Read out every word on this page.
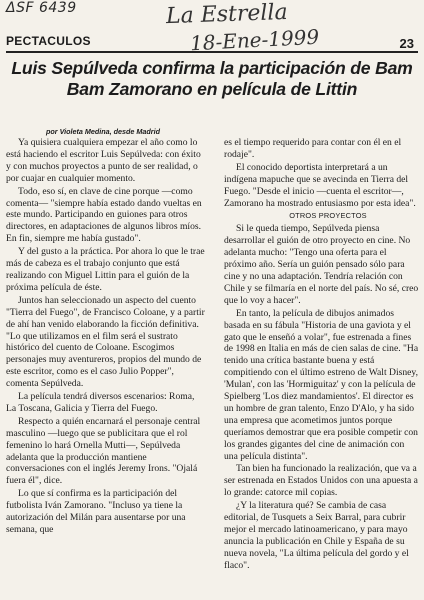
ΔSF 6439	La Estrella
18-Ene-1999
PECTACULOS	23
Luis Sepúlveda confirma la participación de Bam Bam Zamorano en película de Littin
por Violeta Medina, desde Madrid

Ya quisiera cualquiera empezar el año como lo está haciendo el escritor Luis Sepúlveda: con éxito y con muchos proyectos a punto de ser realidad, o por cuajar en cualquier momento.

Todo, eso sí, en clave de cine porque —como comenta— "siempre había estado dando vueltas en este mundo. Participando en guiones para otros directores, en adaptaciones de algunos libros míos. En fin, siempre me había gustado".

Y del gusto a la práctica. Por ahora lo que le trae más de cabeza es el trabajo conjunto que está realizando con Miguel Littin para el guión de la próxima película de éste.

Juntos han seleccionado un aspecto del cuento "Tierra del Fuego", de Francisco Coloane, y a partir de ahí han venido elaborando la ficción definitiva. "Lo que utilizamos en el film será el sustrato histórico del cuento de Coloane. Escogimos personajes muy aventureros, propios del mundo de este escritor, como es el caso Julio Popper", comenta Sepúlveda.

La película tendrá diversos escenarios: Roma, La Toscana, Galicia y Tierra del Fuego.

Respecto a quién encarnará el personaje central masculino —luego que se publicitara que el rol femenino lo hará Ornella Mutti—, Sepúlveda adelanta que la producción mantiene conversaciones con el inglés Jeremy Irons. "Ojalá fuera él", dice.

Lo que sí confirma es la participación del futbolista Iván Zamorano. "Incluso ya tiene la autorización del Milán para ausentarse por una semana, que

es el tiempo requerido para contar con él en el rodaje".

El conocido deportista interpretará a un indígena mapuche que se avecinda en Tierra del Fuego. "Desde el inicio —cuenta el escritor—, Zamorano ha mostrado entusiasmo por esta idea".

OTROS PROYECTOS

Si le queda tiempo, Sepúlveda piensa desarrollar el guión de otro proyecto en cine. No adelanta mucho: "Tengo una oferta para el próximo año. Sería un guión pensado sólo para cine y no una adaptación. Tendría relación con Chile y se filmaría en el norte del país. No sé, creo que lo voy a hacer".

En tanto, la película de dibujos animados basada en su fábula "Historia de una gaviota y el gato que le enseñó a volar", fue estrenada a fines de 1998 en Italia en más de cien salas de cine. "Ha tenido una crítica bastante buena y está compitiendo con el último estreno de Walt Disney, 'Mulan', con las 'Hormiguitaz' y con la película de Spielberg 'Los diez mandamientos'. El director es un hombre de gran talento, Enzo D'Alo, y ha sido una empresa que acometimos juntos porque queríamos demostrar que era posible competir con los grandes gigantes del cine de animación con una película distinta".

Tan bien ha funcionado la realización, que va a ser estrenada en Estados Unidos con una apuesta a lo grande: catorce mil copias.

¿Y la literatura qué? Se cambia de casa editorial, de Tusquets a Seix Barral, para cubrir mejor el mercado latinoamericano, y para mayo anuncia la publicación en Chile y España de su nueva novela, "La última película del gordo y el flaco".
